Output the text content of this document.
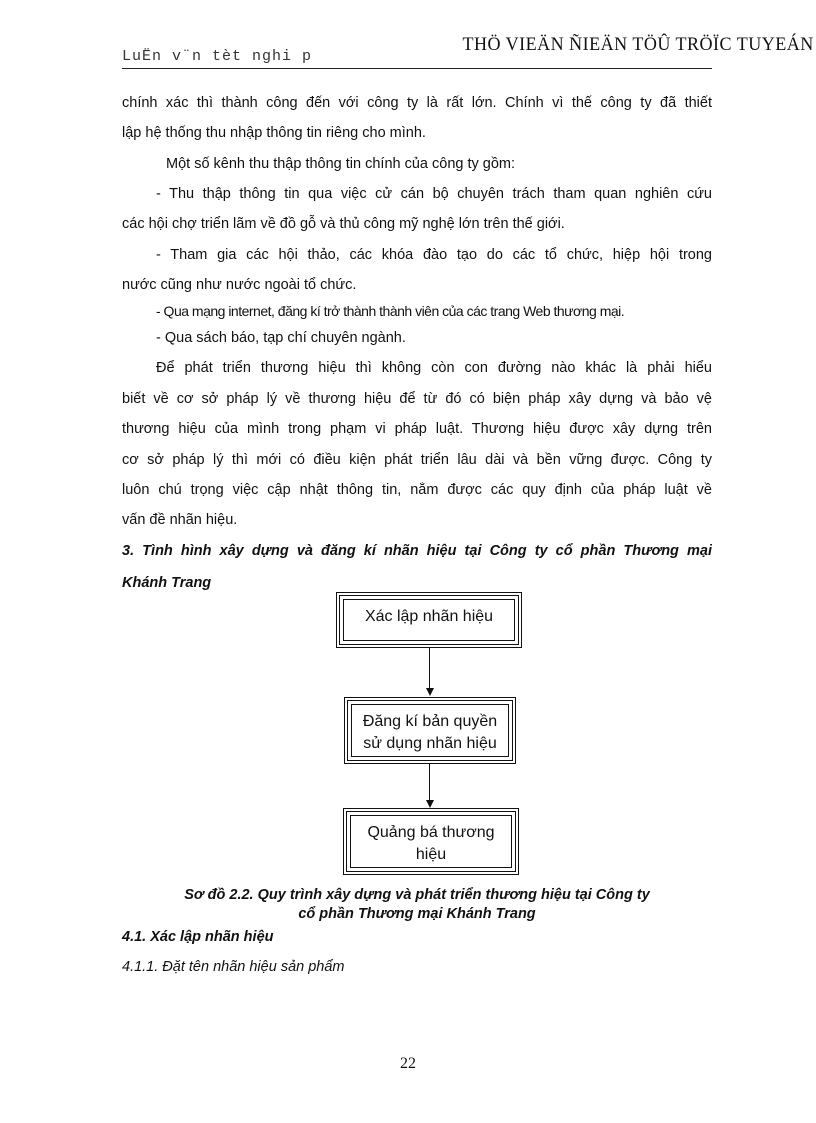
LuËn v¨n tèt nghi p
THÖ VIEÄN ÑIEÄN TÖÛ TRÖÏC TUYEÁN
chính xác thì thành công đến với công ty là rất lớn. Chính vì thế công ty đã thiết
lập hệ thống thu nhập thông tin riêng cho mình.
Một số kênh thu thập thông tin chính của công ty gồm:
- Thu thập thông tin qua việc cử cán bộ chuyên trách tham quan nghiên cứu
các hội chợ triển lãm về đồ gỗ và thủ công mỹ nghệ lớn trên thế giới.
- Tham gia các hội thảo, các khóa đào tạo do các tổ chức, hiệp hội trong
nước cũng như nước ngoài tổ chức.
- Qua mạng internet, đăng kí trở thành thành viên của các trang Web thương mại.
- Qua sách báo, tạp chí chuyên ngành.
Để phát triển thương hiệu thì không còn con đường nào khác là phải hiểu
biết về cơ sở pháp lý về thương hiệu để từ đó có biện pháp xây dựng và bảo vệ
thương hiệu của mình trong phạm vi pháp luật. Thương hiệu được xây dựng trên
cơ sở pháp lý thì mới có điều kiện phát triển lâu dài và bền vững được. Công ty
luôn chú trọng việc cập nhật thông tin, nắm được các quy định của pháp luật về
vấn đề nhãn hiệu.
3. Tình hình xây dựng và đăng kí nhãn hiệu tại Công ty cổ phần Thương mại
Khánh Trang
Xác lập nhãn hiệu
Đăng kí bản quyền
sử dụng nhãn hiệu
Quảng bá thương
hiệu
Sơ đồ 2.2. Quy trình xây dựng và phát triển thương hiệu tại Công ty
cổ phần Thương mại Khánh Trang
4.1. Xác lập nhãn hiệu
4.1.1. Đặt tên nhãn hiệu sản phẩm
22
